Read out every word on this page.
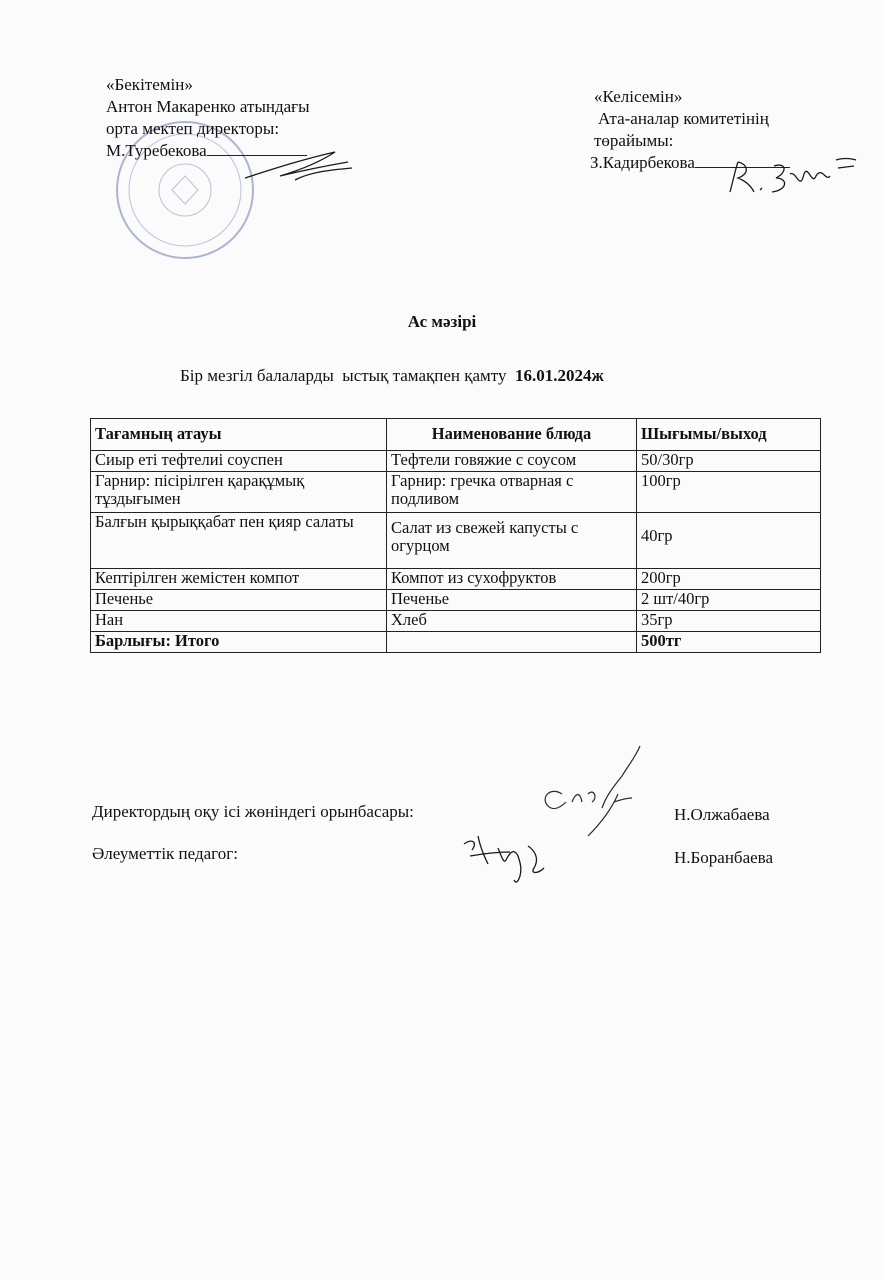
«Бекітемін»
Антон Макаренко атындағы
орта мектеп директоры:
М.Туребекова
«Келісемін»
Ата-аналар комитетінің
төрайымы:
З.Кадирбекова
Ас мәзірі
Бір мезгіл балаларды  ыстық тамақпен қамту  16.01.2024ж
Тағамның атауы	Наименование блюда	Шығымы/выход
Сиыр еті тефтелиі соуспен	Тефтели говяжие с соусом	50/30гр
Гарнир: пісірілген қарақұмық тұздығымен	Гарнир: гречка отварная с подливом	100гр
Балғын қырыққабат пен қияр салаты	Салат из свежей капусты с огурцом	40гр
Кептірілген жемістен компот	Компот из сухофруктов	200гр
Печенье	Печенье	2 шт/40гр
Нан	Хлеб	35гр
Барлығы: Итого		500тг
Директордың оқу ісі жөніндегі орынбасары:	Н.Олжабаева
Әлеуметтік педагог:	Н.Боранбаева
